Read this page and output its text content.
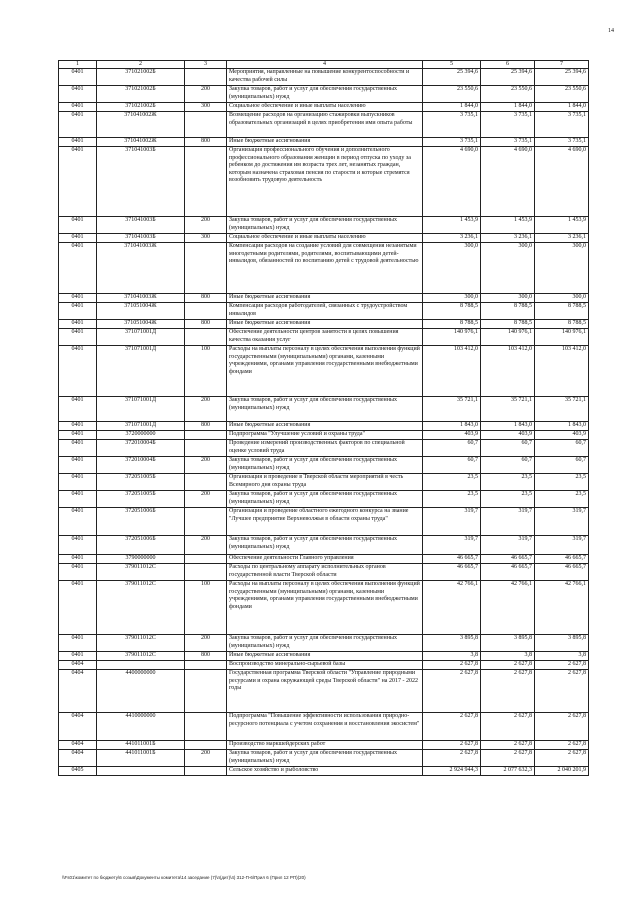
14
1	2	3	4	5	6	7
0401	371021002Б		Мероприятия, направленные на повышение конкурентоспособности и качества рабочей силы	25 394,6	25 394,6	25 394,6
0401	371021002Б	200	Закупка товаров, работ и услуг для обеспечения государственных (муниципальных) нужд	23 550,6	23 550,6	23 550,6
0401	371021002Б	300	Социальное обеспечение и иные выплаты населению	1 844,0	1 844,0	1 844,0
0401	371041002Ж		Возмещение расходов на организацию стажировки выпускников образовательных организаций в целях приобретения ими опыта работы	3 735,1	3 735,1	3 735,1
0401	371041002Ж	800	Иные бюджетные ассигнования	3 735,1	3 735,1	3 735,1
0401	371041003Б		Организация профессионального обучения и дополнительного профессионального образования женщин в период отпуска по уходу за ребенком до достижения им возраста трех лет, незанятых граждан, которым назначена страховая пенсия по старости и которые стремятся возобновить трудовую деятельность	4 690,0	4 690,0	4 690,0
0401	371041003Б	200	Закупка товаров, работ и услуг для обеспечения государственных (муниципальных) нужд	1 453,9	1 453,9	1 453,9
0401	371041003Б	300	Социальное обеспечение и иные выплаты населению	3 236,1	3 236,1	3 236,1
0401	371041003Ж		Компенсация расходов на создание условий для совмещения незанятыми многодетными родителями, родителями, воспитывающими детей-инвалидов, обязанностей по воспитанию детей с трудовой деятельностью	300,0	300,0	300,0
0401	371041003Ж	800	Иные бюджетные ассигнования	300,0	300,0	300,0
0401	371051004Ж		Компенсация расходов работодателей, связанных с трудоустройством инвалидов	8 788,5	8 788,5	8 788,5
0401	371051004Ж	800	Иные бюджетные ассигнования	8 788,5	8 788,5	8 788,5
0401	371071001Д		Обеспечение деятельности центров занятости в целях повышения качества оказания услуг	140 976,1	140 976,1	140 976,1
0401	371071001Д	100	Расходы на выплаты персоналу в целях обеспечения выполнения функций государственными (муниципальными) органами, казенными учреждениями, органами управления государственными внебюджетными фондами	103 412,0	103 412,0	103 412,0
0401	371071001Д	200	Закупка товаров, работ и услуг для обеспечения государственных (муниципальных) нужд	35 721,1	35 721,1	35 721,1
0401	371071001Д	800	Иные бюджетные ассигнования	1 843,0	1 843,0	1 843,0
0401	3720000000		Подпрограмма "Улучшение условий и охраны труда"	403,9	403,9	403,9
0401	372010004Б		Проведение измерений производственных факторов по специальной оценке условий труда	60,7	60,7	60,7
0401	372010004Б	200	Закупка товаров, работ и услуг для обеспечения государственных (муниципальных) нужд	60,7	60,7	60,7
0401	372051005Б		Организация и проведение в Тверской области мероприятий в честь Всемирного дня охраны труда	23,5	23,5	23,5
0401	372051005Б	200	Закупка товаров, работ и услуг для обеспечения государственных (муниципальных) нужд	23,5	23,5	23,5
0401	372051006Б		Организация и проведение областного ежегодного конкурса на звание "Лучшее предприятие Верхневолжья в области охраны труда"	319,7	319,7	319,7
0401	372051006Б	200	Закупка товаров, работ и услуг для обеспечения государственных (муниципальных) нужд	319,7	319,7	319,7
0401	3790000000		Обеспечение деятельности Главного управления	46 665,7	46 665,7	46 665,7
0401	379011012С		Расходы по центральному аппарату исполнительных органов государственной власти Тверской области	46 665,7	46 665,7	46 665,7
0401	379011012С	100	Расходы на выплаты персоналу в целях обеспечения выполнения функций государственными (муниципальными) органами, казенными учреждениями, органами управления государственными внебюджетными фондами	42 766,1	42 766,1	42 766,1
0401	379011012С	200	Закупка товаров, работ и услуг для обеспечения государственных (муниципальных) нужд	3 895,8	3 895,8	3 895,8
0401	379011012С	800	Иные бюджетные ассигнования	3,8	3,8	3,8
0404			Воспроизводство минерально-сырьевой базы	2 627,8	2 627,8	2 627,8
0404	4400000000		Государственная программа Тверской области "Управление природными ресурсами и охрана окружающей среды Тверской области" на 2017 - 2022 годы	2 627,8	2 627,8	2 627,8
0404	4410000000		Подпрограмма "Повышение эффективности использования природно-ресурсного потенциала с учетом сохранения и восстановления экосистем"	2 627,8	2 627,8	2 627,8
0404	441011001Б		Производство маркшейдерских работ	2 627,8	2 627,8	2 627,8
0404	441011001Б	200	Закупка товаров, работ и услуг для обеспечения государственных (муниципальных) нужд	2 627,8	2 627,8	2 627,8
0405			Сельское хозяйство и рыболовство	2 924 944,3	2 077 632,3	2 040 201,9
\\Fs01\комитет по бюджету\6 созыв\Документы комитета\14 заседание (7)\п(дит)\4) 312-П-6\Прил 6 (Прил 12 РП)(20)
